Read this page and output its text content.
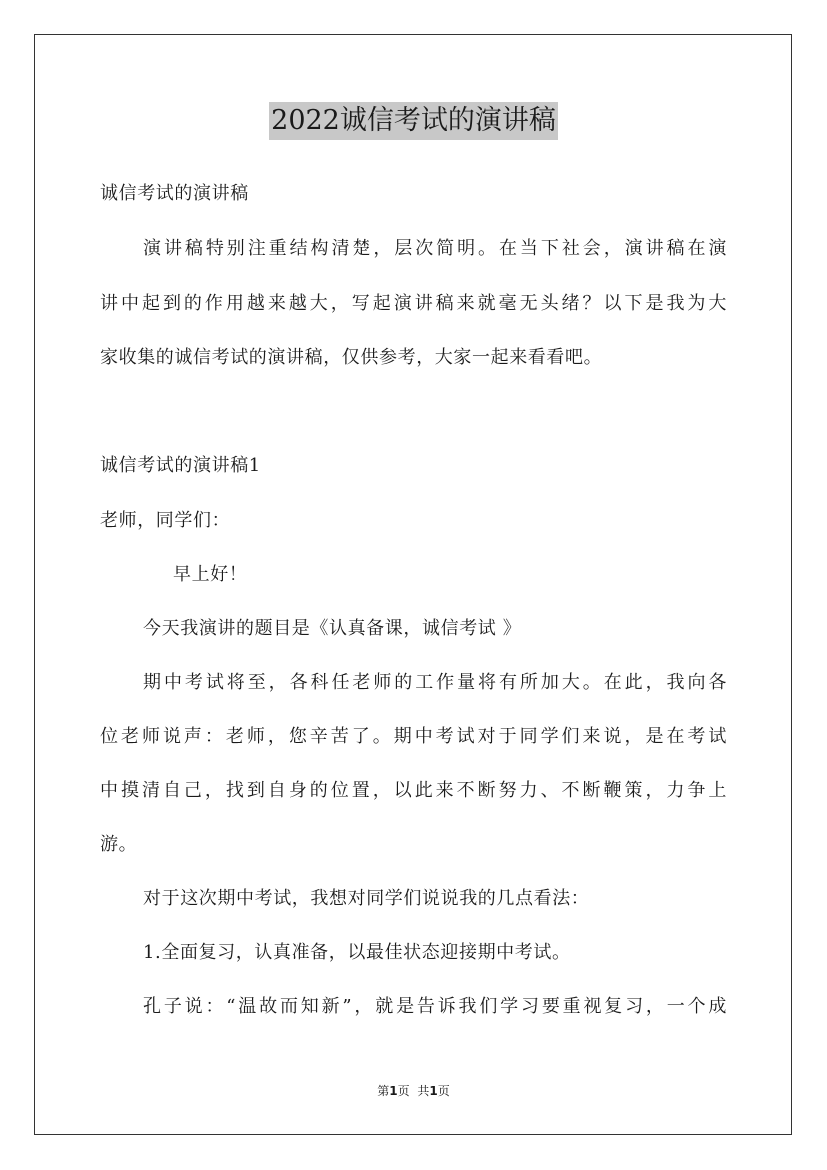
2022诚信考试的演讲稿
诚信考试的演讲稿
演讲稿特别注重结构清楚，层次简明。在当下社会，演讲稿在演
讲中起到的作用越来越大，写起演讲稿来就毫无头绪？以下是我为大
家收集的诚信考试的演讲稿，仅供参考，大家一起来看看吧。
诚信考试的演讲稿1
老师，同学们：
早上好！
今天我演讲的题目是《认真备课，诚信考试 》
期中考试将至，各科任老师的工作量将有所加大。在此，我向各
位老师说声：老师，您辛苦了。期中考试对于同学们来说，是在考试
中摸清自己，找到自身的位置，以此来不断努力、不断鞭策，力争上
游。
对于这次期中考试，我想对同学们说说我的几点看法：
1.全面复习，认真准备，以最佳状态迎接期中考试。
孔子说：“温故而知新”，就是告诉我们学习要重视复习，一个成
第1页 共1页
